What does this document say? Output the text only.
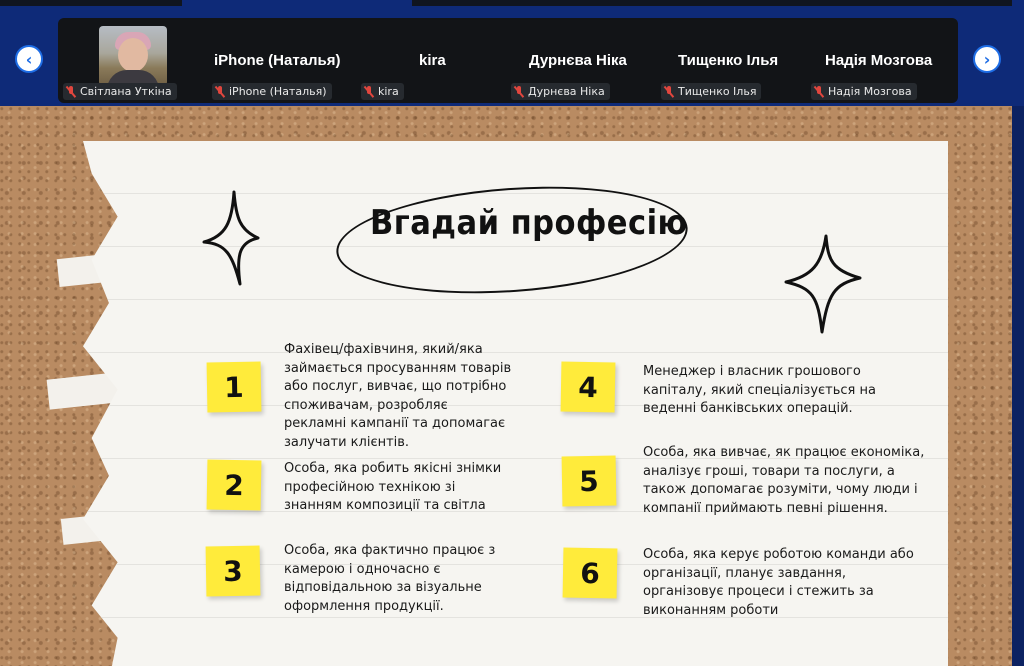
Світлана Уткіна
iPhone (Наталья)
iPhone (Наталья)
kira
kira
Дурнєва Ніка
Дурнєва Ніка
Тищенко Ілья
Тищенко Ілья
Надія Мозгова
Надія Мозгова
‹	›
Вгадай професію
1
Фахівец/фахівчиня, який/яка
займається просуванням товарів
або послуг, вивчає, що потрібно
споживачам, розробляє
рекламні кампанії та допомагає
залучати клієнтів.
2	Особа, яка робить якісні знімки
професійною технікою зі
знанням композиції та світла
3
Особа, яка фактично працює з
камерою і одночасно є
відповідальною за візуальне
оформлення продукції.
4	Менеджер і власник грошового
капіталу, який спеціалізується на
веденні банківських операцій.
5
Особа, яка вивчає, як працює економіка,
аналізує гроші, товари та послуги, а
також допомагає розуміти, чому люди і
компанії приймають певні рішення.
6
Особа, яка керує роботою команди або
організації, планує завдання,
організовує процеси і стежить за
виконанням роботи
